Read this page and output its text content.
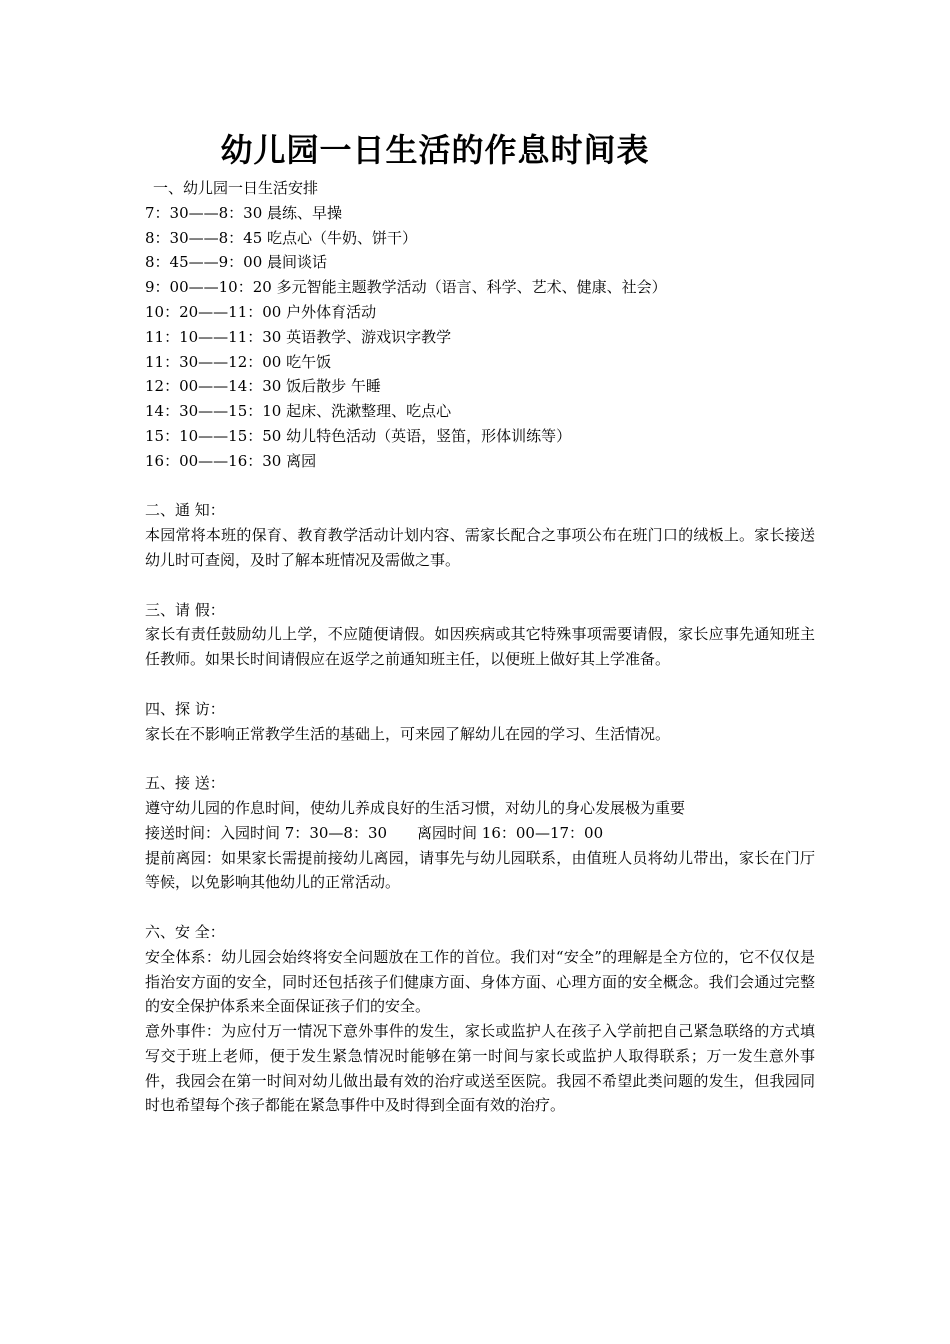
幼儿园一日生活的作息时间表
一、幼儿园一日生活安排
7：30——8：30 晨练、早操
8：30——8：45 吃点心（牛奶、饼干）
8：45——9：00 晨间谈话
9：00——10：20 多元智能主题教学活动（语言、科学、艺术、健康、社会）
10：20——11：00 户外体育活动
11：10——11：30 英语教学、游戏识字教学
11：30——12：00 吃午饭
12：00——14：30 饭后散步 午睡
14：30——15：10 起床、洗漱整理、吃点心
15：10——15：50 幼儿特色活动（英语，竖笛，形体训练等）
16：00——16：30 离园
二、通 知：
本园常将本班的保育、教育教学活动计划内容、需家长配合之事项公布在班门口的绒板上。家长接送幼儿时可查阅，及时了解本班情况及需做之事。
三、请 假：
家长有责任鼓励幼儿上学，不应随便请假。如因疾病或其它特殊事项需要请假，家长应事先通知班主任教师。如果长时间请假应在返学之前通知班主任，以便班上做好其上学准备。
四、探 访：
家长在不影响正常教学生活的基础上，可来园了解幼儿在园的学习、生活情况。
五、接 送：
遵守幼儿园的作息时间，使幼儿养成良好的生活习惯，对幼儿的身心发展极为重要
接送时间：入园时间 7：30—8：30　　离园时间 16：00—17：00
提前离园：如果家长需提前接幼儿离园，请事先与幼儿园联系，由值班人员将幼儿带出，家长在门厅等候，以免影响其他幼儿的正常活动。
六、安 全：
安全体系：幼儿园会始终将安全问题放在工作的首位。我们对“安全”的理解是全方位的，它不仅仅是指治安方面的安全，同时还包括孩子们健康方面、身体方面、心理方面的安全概念。我们会通过完整的安全保护体系来全面保证孩子们的安全。
意外事件：为应付万一情况下意外事件的发生，家长或监护人在孩子入学前把自己紧急联络的方式填写交于班上老师，便于发生紧急情况时能够在第一时间与家长或监护人取得联系；万一发生意外事件，我园会在第一时间对幼儿做出最有效的治疗或送至医院。我园不希望此类问题的发生，但我园同时也希望每个孩子都能在紧急事件中及时得到全面有效的治疗。
